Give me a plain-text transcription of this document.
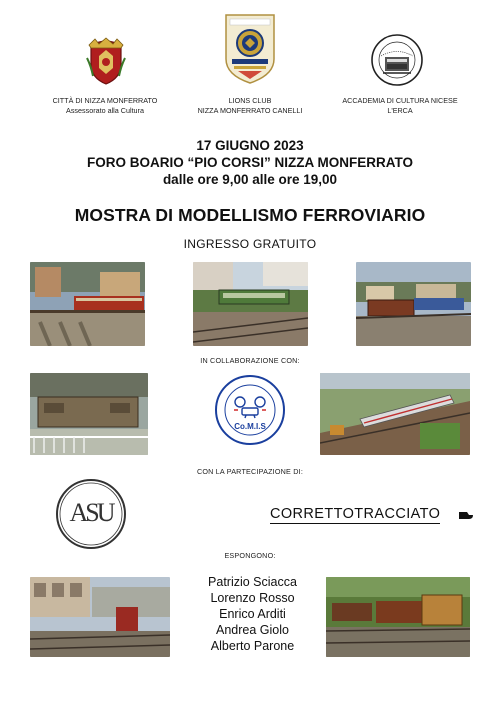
CITTÀ DI NIZZA MONFERRATO
Assessorato alla Cultura
LIONS CLUB
NIZZA MONFERRATO CANELLI
ACCADEMIA DI CULTURA NICESE
L'ERCA
17 GIUGNO 2023
FORO BOARIO “PIO CORSI” NIZZA MONFERRATO
dalle ore 9,00 alle ore 19,00
MOSTRA DI MODELLISMO FERROVIARIO
INGRESSO GRATUITO
IN COLLABORAZIONE CON:
Co.M.I.S
CON LA PARTECIPAZIONE DI:
ASU	CORRETTOTRACCIATO
ESPONGONO:
Patrizio Sciacca
Lorenzo Rosso
Enrico Arditi
Andrea Giolo
Alberto Parone
